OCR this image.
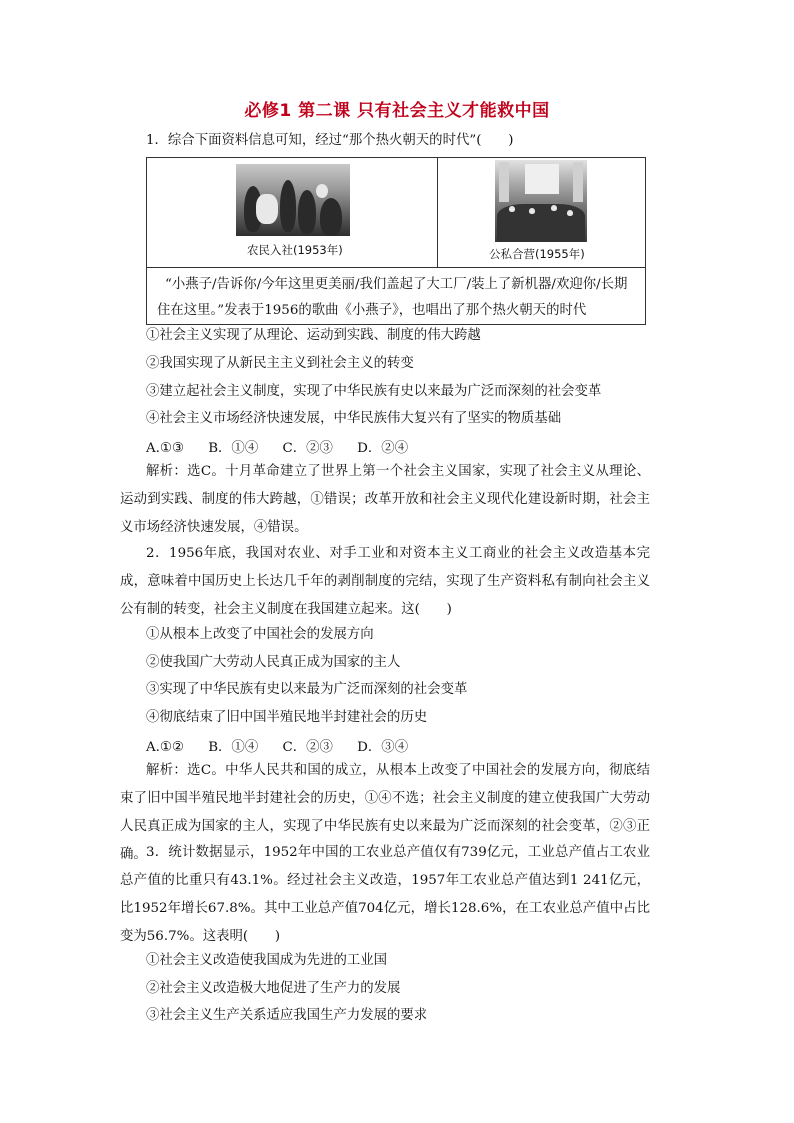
必修1 第二课 只有社会主义才能救中国
1．综合下面资料信息可知，经过“那个热火朝天的时代”(　　)
农民入社(1953年)	公私合营(1955年)
“小燕子/告诉你/今年这里更美丽/我们盖起了大工厂/装上了新机器/欢迎你/长期住在这里。”发表于1956的歌曲《小燕子》，也唱出了那个热火朝天的时代
①社会主义实现了从理论、运动到实践、制度的伟大跨越
②我国实现了从新民主主义到社会主义的转变
③建立起社会主义制度，实现了中华民族有史以来最为广泛而深刻的社会变革
④社会主义市场经济快速发展，中华民族伟大复兴有了坚实的物质基础
A.①③ B．①④ C．②③ D．②④
解析：选C。十月革命建立了世界上第一个社会主义国家，实现了社会主义从理论、运动到实践、制度的伟大跨越，①错误；改革开放和社会主义现代化建设新时期，社会主义市场经济快速发展，④错误。
2．1956年底，我国对农业、对手工业和对资本主义工商业的社会主义改造基本完成，意味着中国历史上长达几千年的剥削制度的完结，实现了生产资料私有制向社会主义公有制的转变，社会主义制度在我国建立起来。这(　　)
①从根本上改变了中国社会的发展方向
②使我国广大劳动人民真正成为国家的主人
③实现了中华民族有史以来最为广泛而深刻的社会变革
④彻底结束了旧中国半殖民地半封建社会的历史
A.①② B．①④ C．②③ D．③④
解析：选C。中华人民共和国的成立，从根本上改变了中国社会的发展方向，彻底结束了旧中国半殖民地半封建社会的历史，①④不选；社会主义制度的建立使我国广大劳动人民真正成为国家的主人，实现了中华民族有史以来最为广泛而深刻的社会变革，②③正确。 3．统计数据显示，1952年中国的工农业总产值仅有739亿元，工业总产值占工农业总产值的比重只有43.1%。经过社会主义改造，1957年工农业总产值达到1 241亿元，比1952年增长67.8%。其中工业总产值704亿元，增长128.6%，在工农业总产值中占比变为56.7%。这表明(　　)
①社会主义改造使我国成为先进的工业国
②社会主义改造极大地促进了生产力的发展
③社会主义生产关系适应我国生产力发展的要求
